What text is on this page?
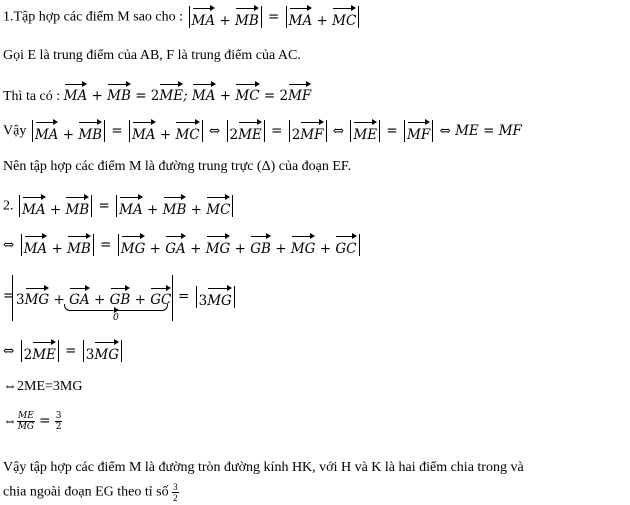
1.Tập hợp các điểm M sao cho : MA + MB = MA + MC
Gọi E là trung điểm của AB, F là trung điểm của AC.
Thì ta có : MA + MB = 2ME; MA + MC = 2MF
Vậy MA + MB = MA + MC ⇔ 2ME = 2MF ⇔ ME = MF ⇔ ME = MF
Nên tập hợp các điểm M là đường trung trực (Δ) của đoạn EF.
2. MA + MB = MA + MB + MC
⇔ MA + MB = MG + GA + MG + GB + MG + GC
= 3MG + GA + GB + GC
0
= 3MG
⇔ 2ME = 3MG
⇔2ME=3MG
⇔ $\frac{ME}{MG} = \frac{3}{2}$
Vậy tập hợp các điểm M là đường tròn đường kính HK, với H và K là hai điểm chia trong và
chia ngoài đoạn EG theo tỉ số $\frac{3}{2}$
